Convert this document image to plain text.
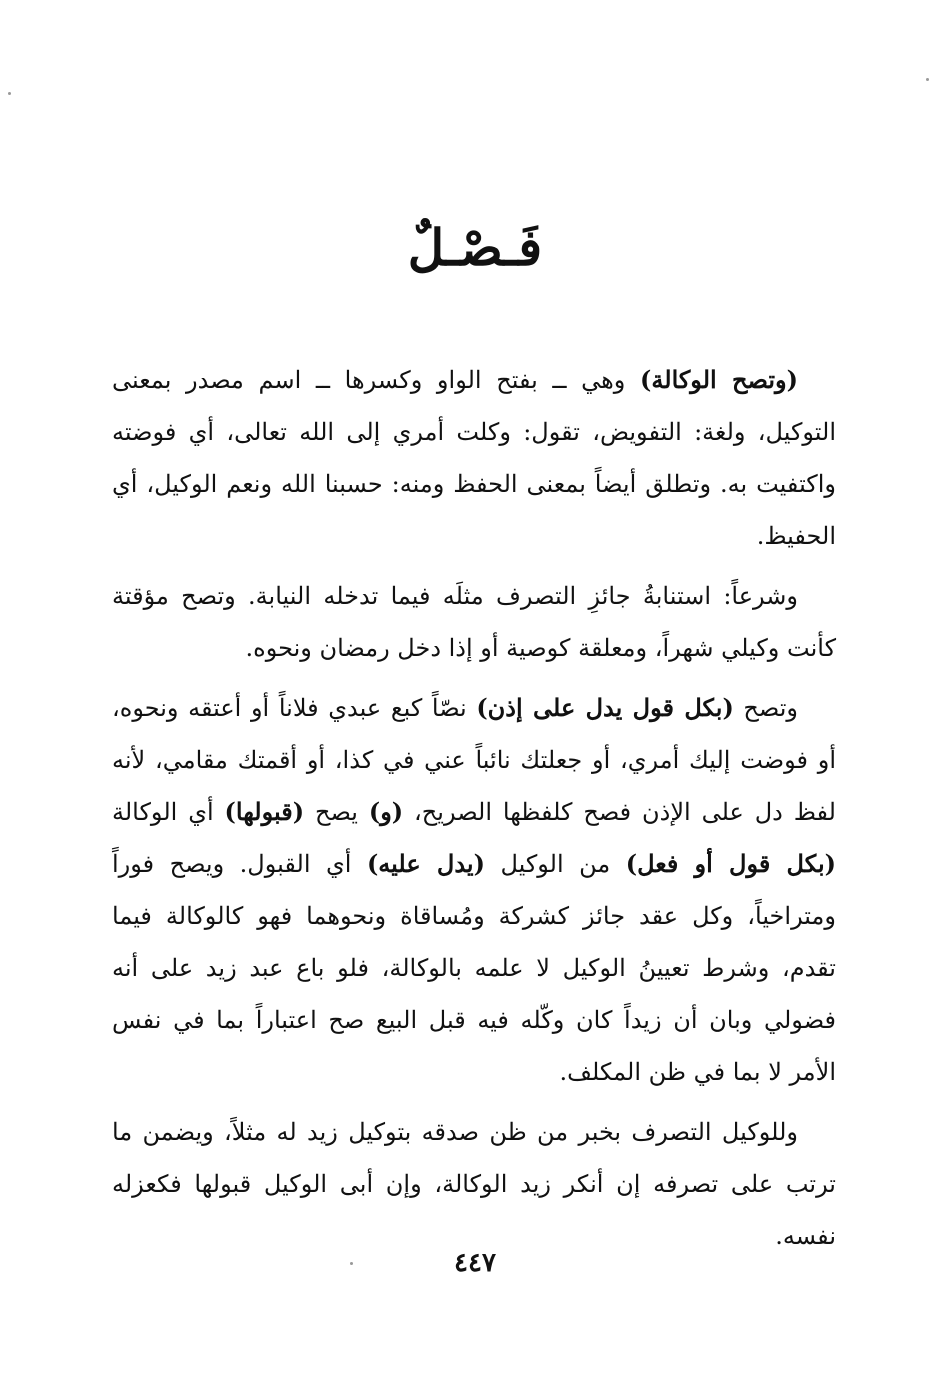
فَـصْـلٌ

(وتصح الوكالة) وهي ــ بفتح الواو وكسرها ــ اسم مصدر بمعنى التوكيل، ولغة: التفويض، تقول: وكلت أمري إلى الله تعالى، أي فوضته واكتفيت به. وتطلق أيضاً بمعنى الحفظ ومنه: حسبنا الله ونعم الوكيل، أي الحفيظ.

وشرعاً: استنابةُ جائزِ التصرف مثلَه فيما تدخله النيابة. وتصح مؤقتة كأنت وكيلي شهراً، ومعلقة كوصية أو إذا دخل رمضان ونحوه.

وتصح (بكل قول يدل على إذن) نصّاً كبع عبدي فلاناً أو أعتقه ونحوه، أو فوضت إليك أمري، أو جعلتك نائباً عني في كذا، أو أقمتك مقامي، لأنه لفظ دل على الإذن فصح كلفظها الصريح، (و) يصح (قبولها) أي الوكالة (بكل قول أو فعل) من الوكيل (يدل عليه) أي القبول. ويصح فوراً ومتراخياً، وكل عقد جائز كشركة ومُساقاة ونحوهما فهو كالوكالة فيما تقدم، وشرط تعيينُ الوكيل لا علمه بالوكالة، فلو باع عبد زيد على أنه فضولي وبان أن زيداً كان وكّله فيه قبل البيع صح اعتباراً بما في نفس الأمر لا بما في ظن المكلف.

وللوكيل التصرف بخبر من ظن صدقه بتوكيل زيد له مثلاً، ويضمن ما ترتب على تصرفه إن أنكر زيد الوكالة، وإن أبى الوكيل قبولها فكعزله نفسه.

٤٤٧
